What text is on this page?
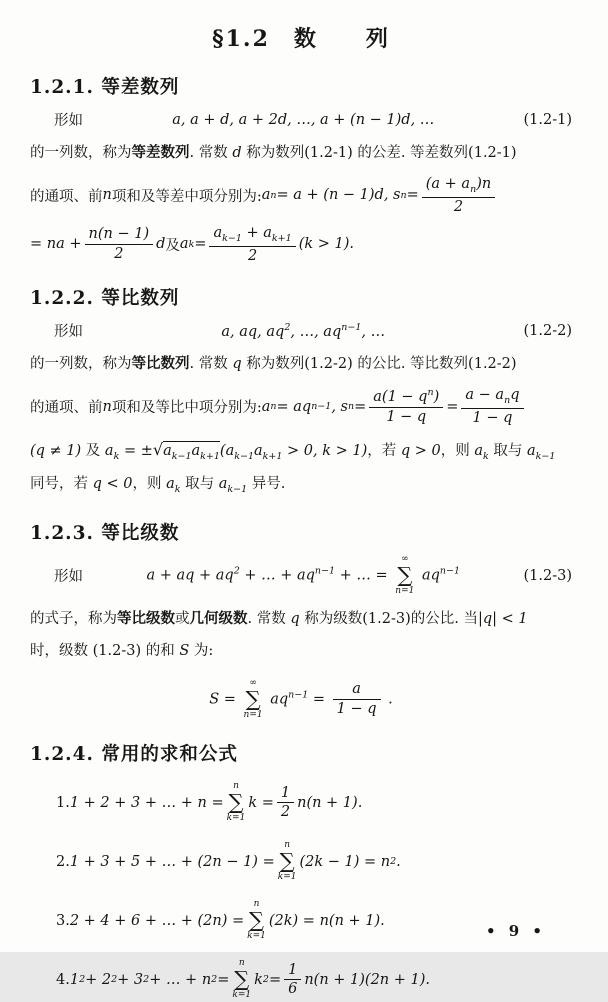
§1.2　数　　列
1.2.1. 等差数列
形如	a, a + d, a + 2d, …, a + (n − 1)d, …	(1.2-1)
的一列数，称为等差数列. 常数 d 称为数列(1.2-1) 的公差. 等差数列(1.2-1)
的通项、前 n 项和及等差中项分别为: a n = a + (n − 1)d, s $n = \frac{(a + a_n)n}{2}$
= na + $\frac{n(n - 1)}{2}$ d 及 a $k = \frac{a_{k-1} + a_{k+1}}{2} (k > 1)$.
1.2.2. 等比数列
形如	a, aq, $aq^2$, …, $aq^{n-1}$, …	(1.2-2)
的一列数，称为等比数列. 常数 q 称为数列(1.2-2) 的公比. 等比数列(1.2-2)
的通项、前 n 项和及等比中项分别为: a n = aq n−1 , s $n = \frac{a(1 - q^n)}{1 - q} = \frac{a - a_nq}{1 - q}$
(q ≠ 1) 及 $a_k = \pm√a_{k-1}a_{k+1}(a_{k-1}a_{k+1} > 0$, k > 1)，若 q > 0，则 $a_k$ 取与 $a_{k-1}$
同号，若 q < 0，则 $a_k$ 取与 $a_{k-1}$ 异号.
1.2.3. 等比级数
形如	a + aq + $aq^2$ + … + $aq^{n-1}$ + … =
∞
∑
n=1
$aq^{n-1}$	(1.2-3)
的式子，称为等比级数或几何级数. 常数 q 称为级数(1.2-3)的公比. 当|q| < 1
时，级数 (1.2-3) 的和 S 为:
S =
∞
∑
n=1
$aq^{n-1} = \frac{a}{1 - q}$ .
1.2.4. 常用的求和公式
1. 1 + 2 + 3 + … + n =
n
∑
k=1
$k = \frac{1}{2} n(n + 1)$.
2. 1 + 3 + 5 + … + (2n − 1) =
n
∑
k=1
(2k − 1) = n 2 .
3. 2 + 4 + 6 + … + (2n) =
n
∑
k=1
(2k) = n(n + 1).
4. 1 2 + 2 2 + 3 2 + … + n 2 =
n
∑
k=1
k $2 = \frac{1}{6} n(n + 1)(2n + 1)$.
• 9 •
